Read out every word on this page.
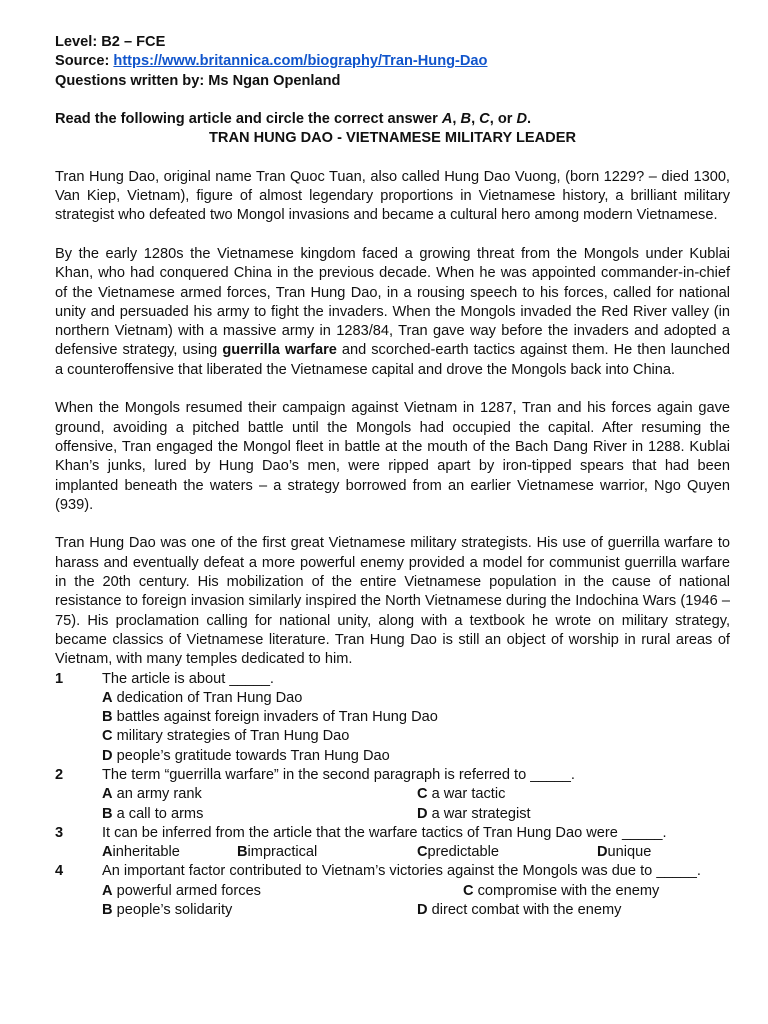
Level: B2 – FCE
Source: https://www.britannica.com/biography/Tran-Hung-Dao
Questions written by: Ms Ngan Openland
Read the following article and circle the correct answer A, B, C, or D.
TRAN HUNG DAO - VIETNAMESE MILITARY LEADER

Tran Hung Dao, original name Tran Quoc Tuan, also called Hung Dao Vuong, (born 1229? – died 1300, Van Kiep, Vietnam), figure of almost legendary proportions in Vietnamese history, a brilliant military strategist who defeated two Mongol invasions and became a cultural hero among modern Vietnamese.

By the early 1280s the Vietnamese kingdom faced a growing threat from the Mongols under Kublai Khan, who had conquered China in the previous decade. When he was appointed commander-in-chief of the Vietnamese armed forces, Tran Hung Dao, in a rousing speech to his forces, called for national unity and persuaded his army to fight the invaders. When the Mongols invaded the Red River valley (in northern Vietnam) with a massive army in 1283/84, Tran gave way before the invaders and adopted a defensive strategy, using guerrilla warfare and scorched-earth tactics against them. He then launched a counteroffensive that liberated the Vietnamese capital and drove the Mongols back into China.

When the Mongols resumed their campaign against Vietnam in 1287, Tran and his forces again gave ground, avoiding a pitched battle until the Mongols had occupied the capital. After resuming the offensive, Tran engaged the Mongol fleet in battle at the mouth of the Bach Dang River in 1288. Kublai Khan’s junks, lured by Hung Dao’s men, were ripped apart by iron-tipped spears that had been implanted beneath the waters – a strategy borrowed from an earlier Vietnamese warrior, Ngo Quyen (939).

Tran Hung Dao was one of the first great Vietnamese military strategists. His use of guerrilla warfare to harass and eventually defeat a more powerful enemy provided a model for communist guerrilla warfare in the 20th century. His mobilization of the entire Vietnamese population in the cause of national resistance to foreign invasion similarly inspired the North Vietnamese during the Indochina Wars (1946 – 75). His proclamation calling for national unity, along with a textbook he wrote on military strategy, became classics of Vietnamese literature. Tran Hung Dao is still an object of worship in rural areas of Vietnam, with many temples dedicated to him.

1	The article is about _____.
A dedication of Tran Hung Dao
B battles against foreign invaders of Tran Hung Dao
C military strategies of Tran Hung Dao
D people’s gratitude towards Tran Hung Dao
2	The term “guerrilla warfare” in the second paragraph is referred to _____.
A an army rank	C a war tactic
B a call to arms	D a war strategist
3	It can be inferred from the article that the warfare tactics of Tran Hung Dao were _____.
Ainheritable	Bimpractical	Cpredictable	Dunique
4	An important factor contributed to Vietnam’s victories against the Mongols was due to _____.
A powerful armed forces	C compromise with the enemy
B people’s solidarity	D direct combat with the enemy
